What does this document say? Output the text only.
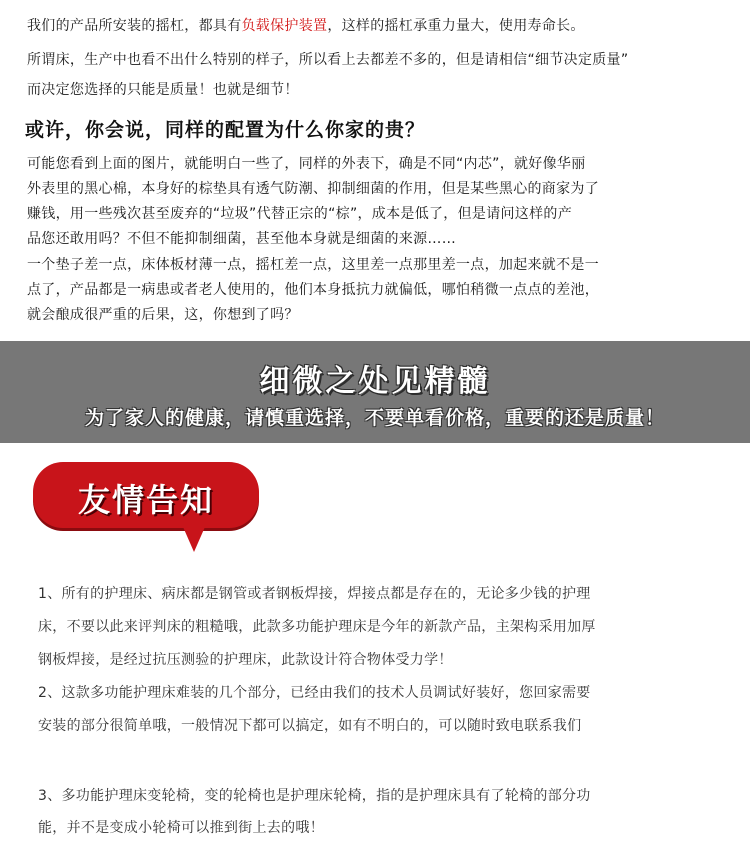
我们的产品所安装的摇杠，都具有负载保护装置，这样的摇杠承重力量大，使用寿命长。

所谓床，生产中也看不出什么特别的样子，所以看上去都差不多的，但是请相信“细节决定质量”

而决定您选择的只能是质量！也就是细节！

或许，你会说，同样的配置为什么你家的贵？

可能您看到上面的图片，就能明白一些了，同样的外表下，确是不同“内芯”，就好像华丽

外表里的黑心棉，本身好的棕垫具有透气防潮、抑制细菌的作用，但是某些黑心的商家为了

赚钱，用一些残次甚至废弃的“垃圾”代替正宗的“棕”，成本是低了，但是请问这样的产

品您还敢用吗？不但不能抑制细菌，甚至他本身就是细菌的来源……

一个垫子差一点，床体板材薄一点，摇杠差一点，这里差一点那里差一点，加起来就不是一

点了，产品都是一病患或者老人使用的，他们本身抵抗力就偏低，哪怕稍微一点点的差池，

就会酿成很严重的后果，这，你想到了吗？

细微之处见精髓
为了家人的健康，请慎重选择，不要单看价格，重要的还是质量！
友情告知

1、所有的护理床、病床都是钢管或者钢板焊接，焊接点都是存在的，无论多少钱的护理

床，不要以此来评判床的粗糙哦，此款多功能护理床是今年的新款产品，主架构采用加厚

钢板焊接，是经过抗压测验的护理床，此款设计符合物体受力学！

2、这款多功能护理床难装的几个部分，已经由我们的技术人员调试好装好，您回家需要

安装的部分很简单哦，一般情况下都可以搞定，如有不明白的，可以随时致电联系我们

3、多功能护理床变轮椅，变的轮椅也是护理床轮椅，指的是护理床具有了轮椅的部分功

能，并不是变成小轮椅可以推到街上去的哦！
